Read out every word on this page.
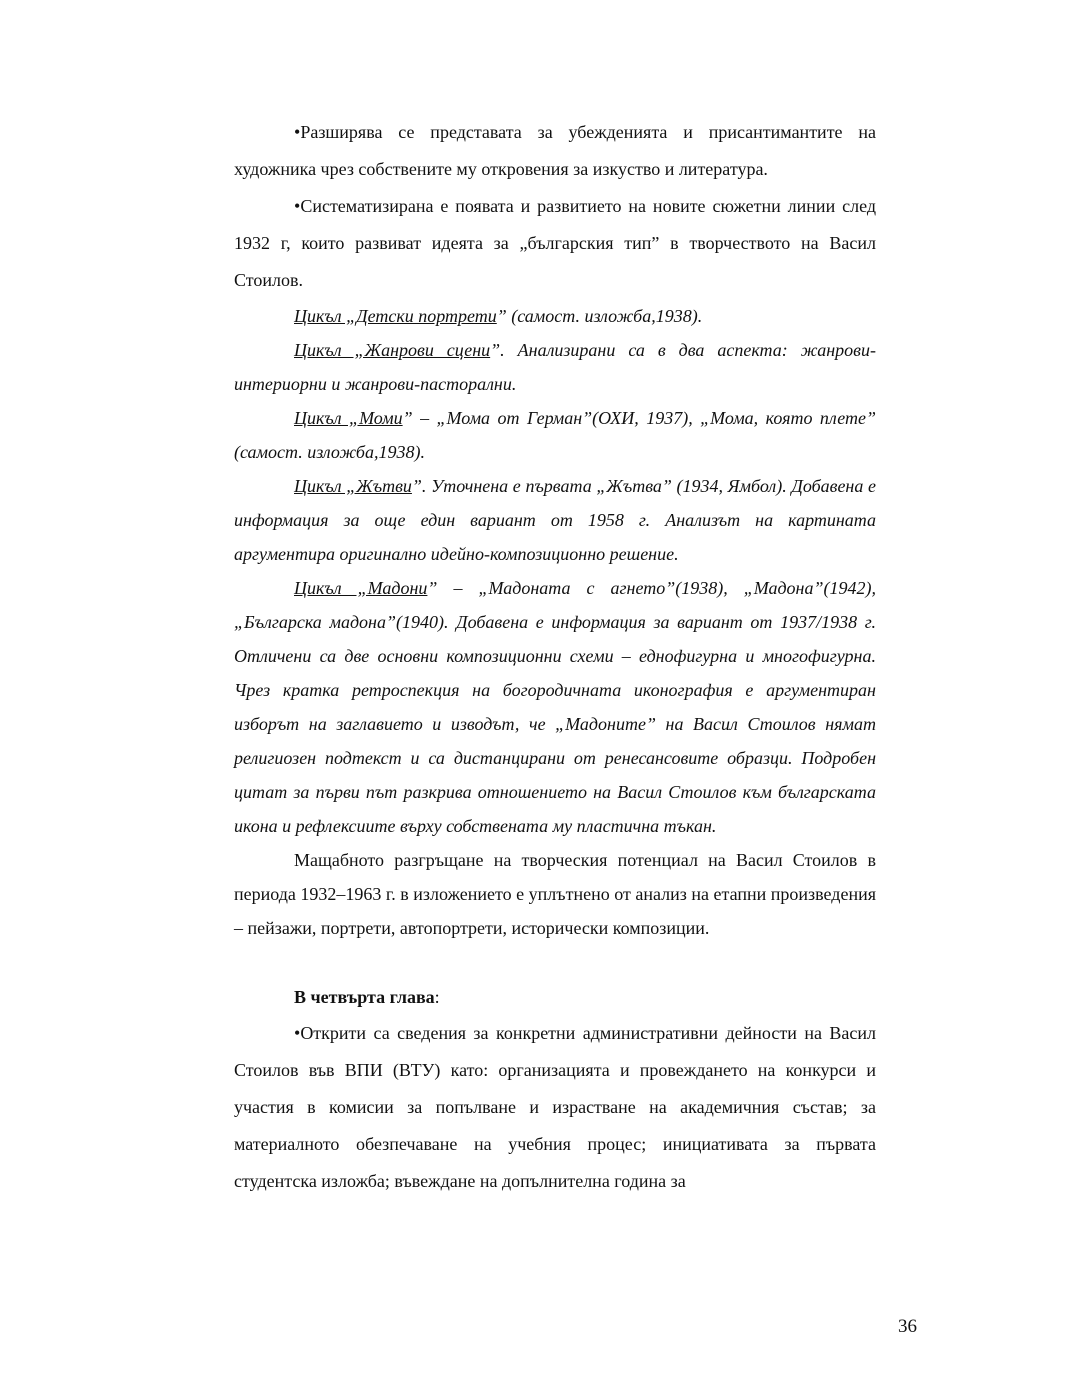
•Разширява се представата за убежденията и присантимантите на художника чрез собствените му откровения за изкуство и литература.

•Систематизирана е появата и развитието на новите сюжетни линии след 1932 г, които развиват идеята за „българския тип” в творчеството на Васил Стоилов.

Цикъл „Детски портрети” (самост. изложба,1938).

Цикъл „Жанрови сцени”. Анализирани са в два аспекта: жанрови-интериорни и жанрови-пасторални.

Цикъл „Моми” – „Мома от Герман”(ОХИ, 1937), „Мома, която плете” (самост. изложба,1938).

Цикъл „Жътви”. Уточнена е първата „Жътва” (1934, Ямбол). Добавена е информация за още един вариант от 1958 г. Анализът на картината аргументира оригинално идейно-композиционно решение.

Цикъл „Мадони” – „Мадоната с агнето”(1938), „Мадона”(1942), „Българска мадона”(1940). Добавена е информация за вариант от 1937/1938 г. Отличени са две основни композиционни схеми – еднофигурна и многофигурна. Чрез кратка ретроспекция на богородичната иконография е аргументиран изборът на заглавието и изводът, че „Мадоните” на Васил Стоилов нямат религиозен подтекст и са дистанцирани от ренесансовите образци. Подробен цитат за първи път разкрива отношението на Васил Стоилов към българската икона и рефлексиите върху собствената му пластична тъкан.

Мащабното разгръщане на творческия потенциал на Васил Стоилов в периода 1932–1963 г. в изложението е уплътнено от анализ на етапни произведения – пейзажи, портрети, автопортрети, исторически композиции.

В четвърта глава:

•Открити са сведения за конкретни административни дейности на Васил Стоилов във ВПИ (ВТУ) като: организацията и провеждането на конкурси и участия в комисии за попълване и израстване на академичния състав; за материалното обезпечаване на учебния процес; инициативата за първата студентска изложба; въвеждане на допълнителна година за

36
